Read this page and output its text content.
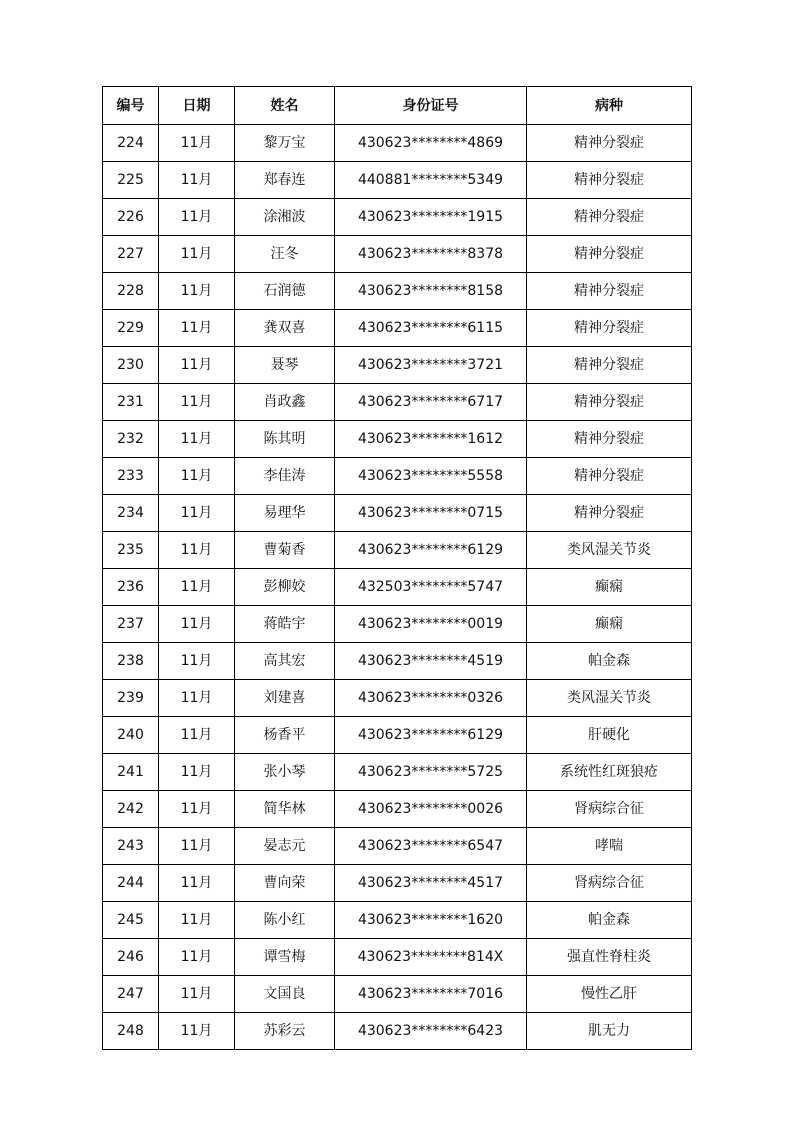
编号	日期	姓名	身份证号	病种
224	11月	黎万宝	430623********4869	精神分裂症
225	11月	郑春连	440881********5349	精神分裂症
226	11月	涂湘波	430623********1915	精神分裂症
227	11月	汪冬	430623********8378	精神分裂症
228	11月	石润德	430623********8158	精神分裂症
229	11月	龚双喜	430623********6115	精神分裂症
230	11月	聂琴	430623********3721	精神分裂症
231	11月	肖政鑫	430623********6717	精神分裂症
232	11月	陈其明	430623********1612	精神分裂症
233	11月	李佳涛	430623********5558	精神分裂症
234	11月	易理华	430623********0715	精神分裂症
235	11月	曹菊香	430623********6129	类风湿关节炎
236	11月	彭柳姣	432503********5747	癫痫
237	11月	蒋皓宇	430623********0019	癫痫
238	11月	高其宏	430623********4519	帕金森
239	11月	刘建喜	430623********0326	类风湿关节炎
240	11月	杨香平	430623********6129	肝硬化
241	11月	张小琴	430623********5725	系统性红斑狼疮
242	11月	简华林	430623********0026	肾病综合征
243	11月	晏志元	430623********6547	哮喘
244	11月	曹向荣	430623********4517	肾病综合征
245	11月	陈小红	430623********1620	帕金森
246	11月	谭雪梅	430623********814X	强直性脊柱炎
247	11月	文国良	430623********7016	慢性乙肝
248	11月	苏彩云	430623********6423	肌无力
